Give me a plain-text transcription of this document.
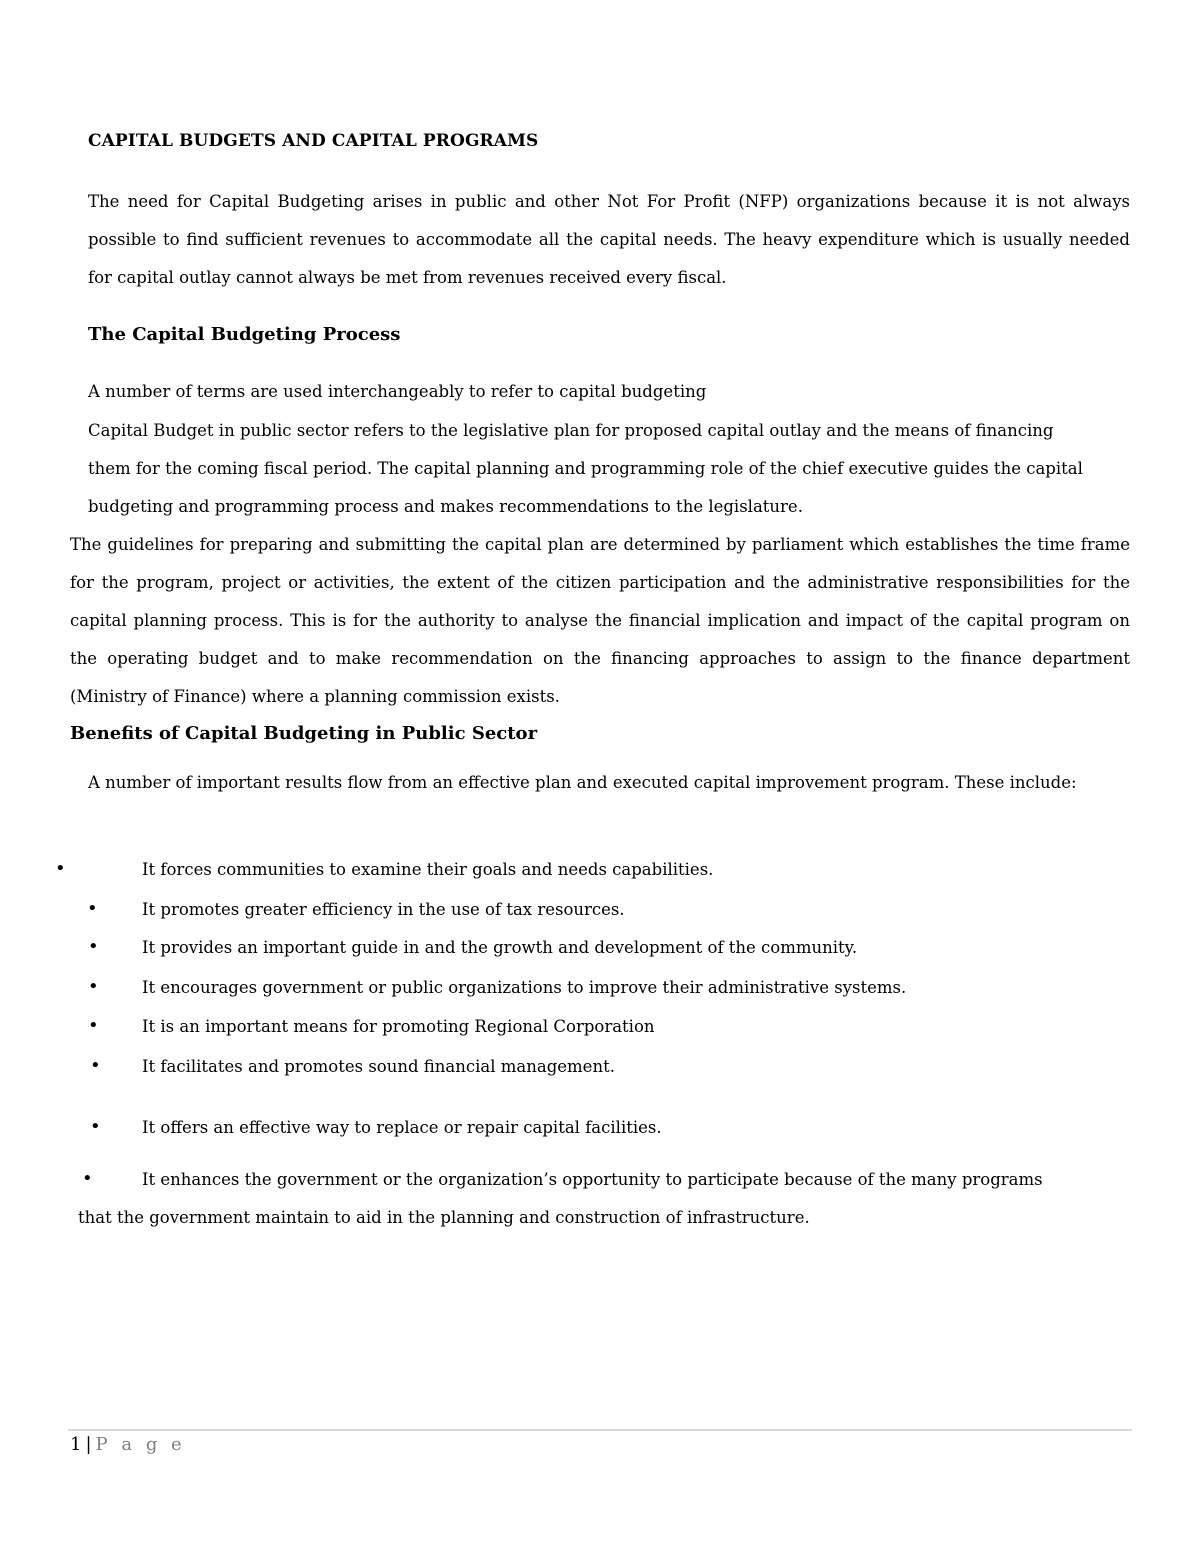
CAPITAL BUDGETS AND CAPITAL PROGRAMS

The need for Capital Budgeting arises in public and other Not For Profit (NFP) organizations because it is not always possible to find sufficient revenues to accommodate all the capital needs. The heavy expenditure which is usually needed for capital outlay cannot always be met from revenues received every fiscal.

The Capital Budgeting Process

A number of terms are used interchangeably to refer to capital budgeting

Capital Budget in public sector refers to the legislative plan for proposed capital outlay and the means of financing them for the coming fiscal period. The capital planning and programming role of the chief executive guides the capital budgeting and programming process and makes recommendations to the legislature.

The guidelines for preparing and submitting the capital plan are determined by parliament which establishes the time frame for the program, project or activities, the extent of the citizen participation and the administrative responsibilities for the capital planning process. This is for the authority to analyse the financial implication and impact of the capital program on the operating budget and to make recommendation on the financing approaches to assign to the finance department (Ministry of Finance) where a planning commission exists.

Benefits of Capital Budgeting in Public Sector

A number of important results flow from an effective plan and executed capital improvement program. These include:

•	It forces communities to examine their goals and needs capabilities.
•	It promotes greater efficiency in the use of tax resources.
•	It provides an important guide in and the growth and development of the community.
•	It encourages government or public organizations to improve their administrative systems.
•	It is an important means for promoting Regional Corporation
•	It facilitates and promotes sound financial management.
•	It offers an effective way to replace or repair capital facilities.
•	It enhances the government or the organization’s opportunity to participate because of the many programs
that the government maintain to aid in the planning and construction of infrastructure.
1 | P a g e
